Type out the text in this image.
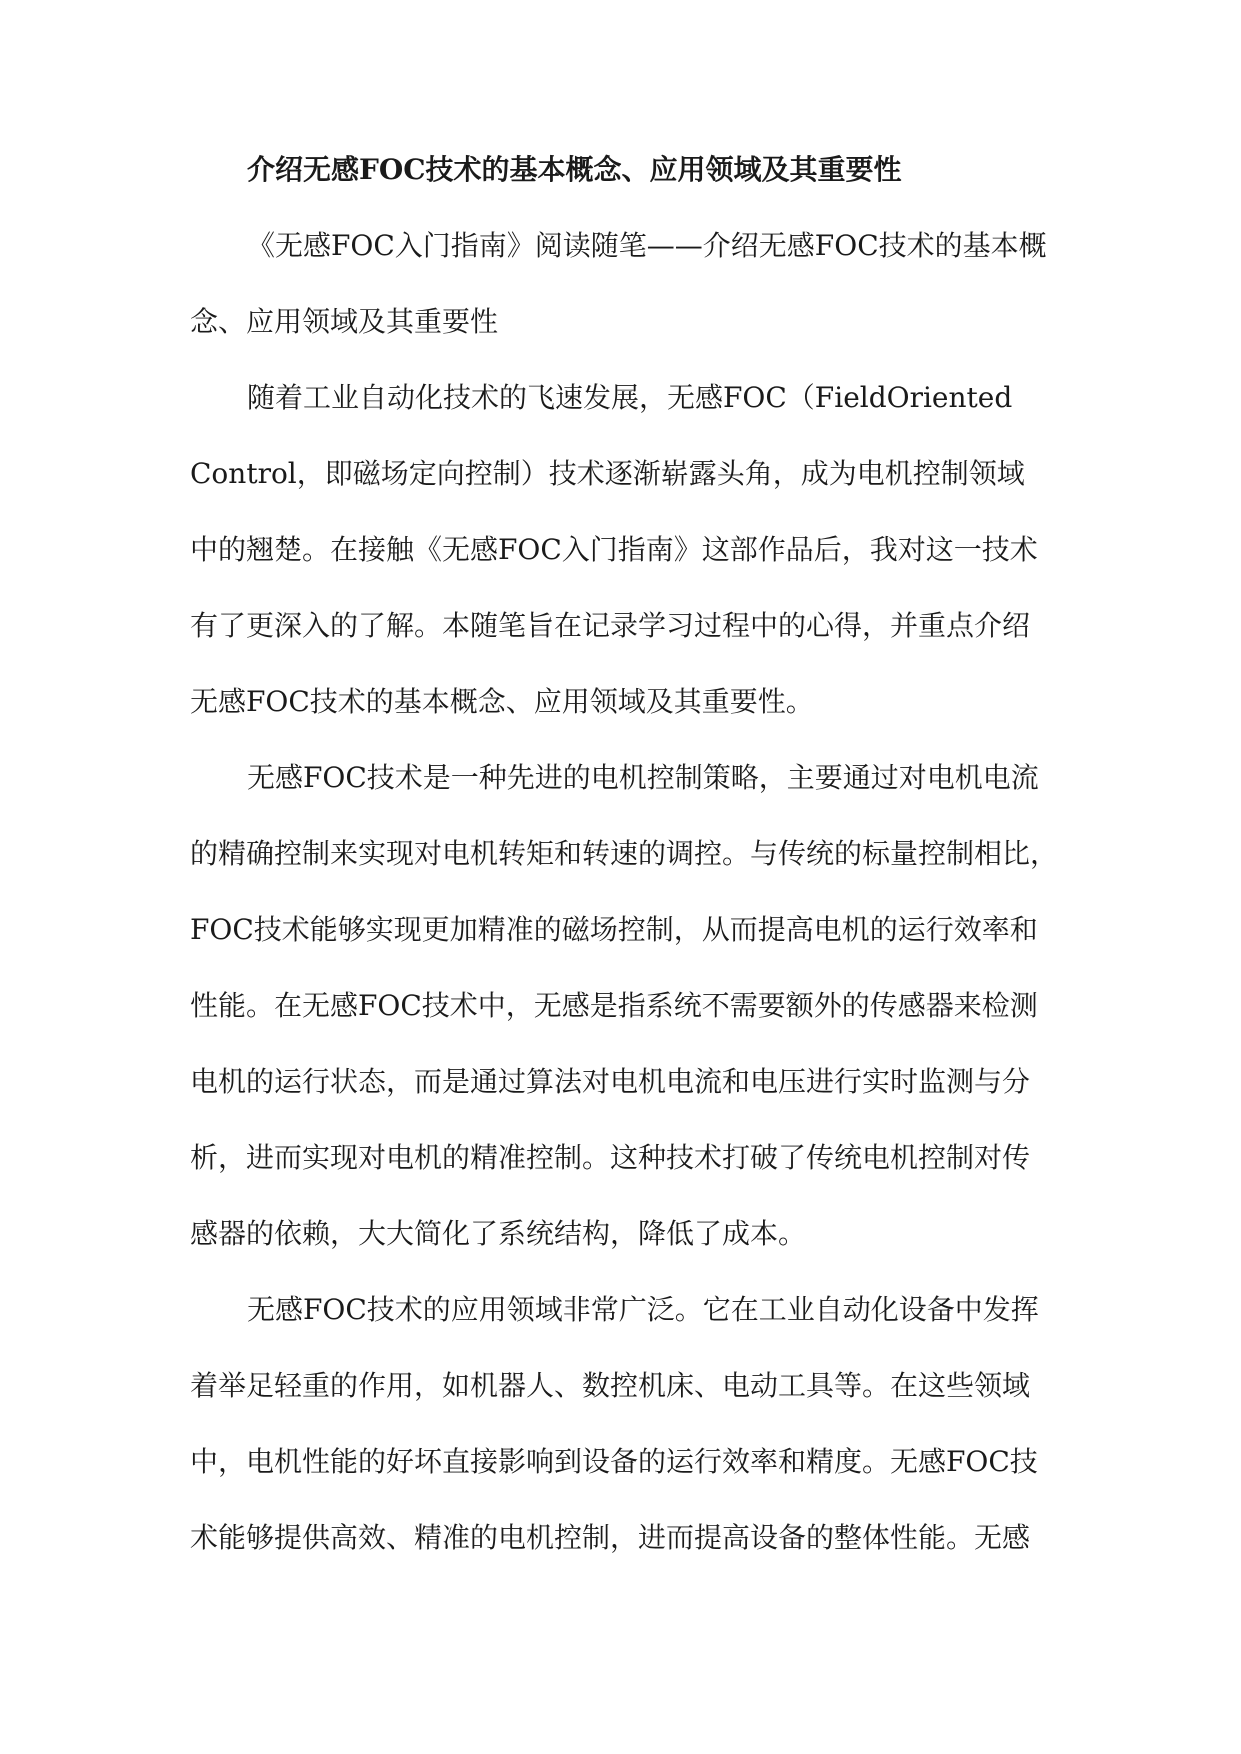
介绍无感FOC技术的基本概念、应用领域及其重要性

《无感FOC入门指南》阅读随笔——介绍无感FOC技术的基本概

念、应用领域及其重要性

随着工业自动化技术的飞速发展，无感FOC（FieldOriented

Control，即磁场定向控制）技术逐渐崭露头角，成为电机控制领域

中的翘楚。在接触《无感FOC入门指南》这部作品后，我对这一技术

有了更深入的了解。本随笔旨在记录学习过程中的心得，并重点介绍

无感FOC技术的基本概念、应用领域及其重要性。

无感FOC技术是一种先进的电机控制策略，主要通过对电机电流

的精确控制来实现对电机转矩和转速的调控。与传统的标量控制相比，

FOC技术能够实现更加精准的磁场控制，从而提高电机的运行效率和

性能。在无感FOC技术中，无感是指系统不需要额外的传感器来检测

电机的运行状态，而是通过算法对电机电流和电压进行实时监测与分

析，进而实现对电机的精准控制。这种技术打破了传统电机控制对传

感器的依赖，大大简化了系统结构，降低了成本。

无感FOC技术的应用领域非常广泛。它在工业自动化设备中发挥

着举足轻重的作用，如机器人、数控机床、电动工具等。在这些领域

中，电机性能的好坏直接影响到设备的运行效率和精度。无感FOC技

术能够提供高效、精准的电机控制，进而提高设备的整体性能。无感
